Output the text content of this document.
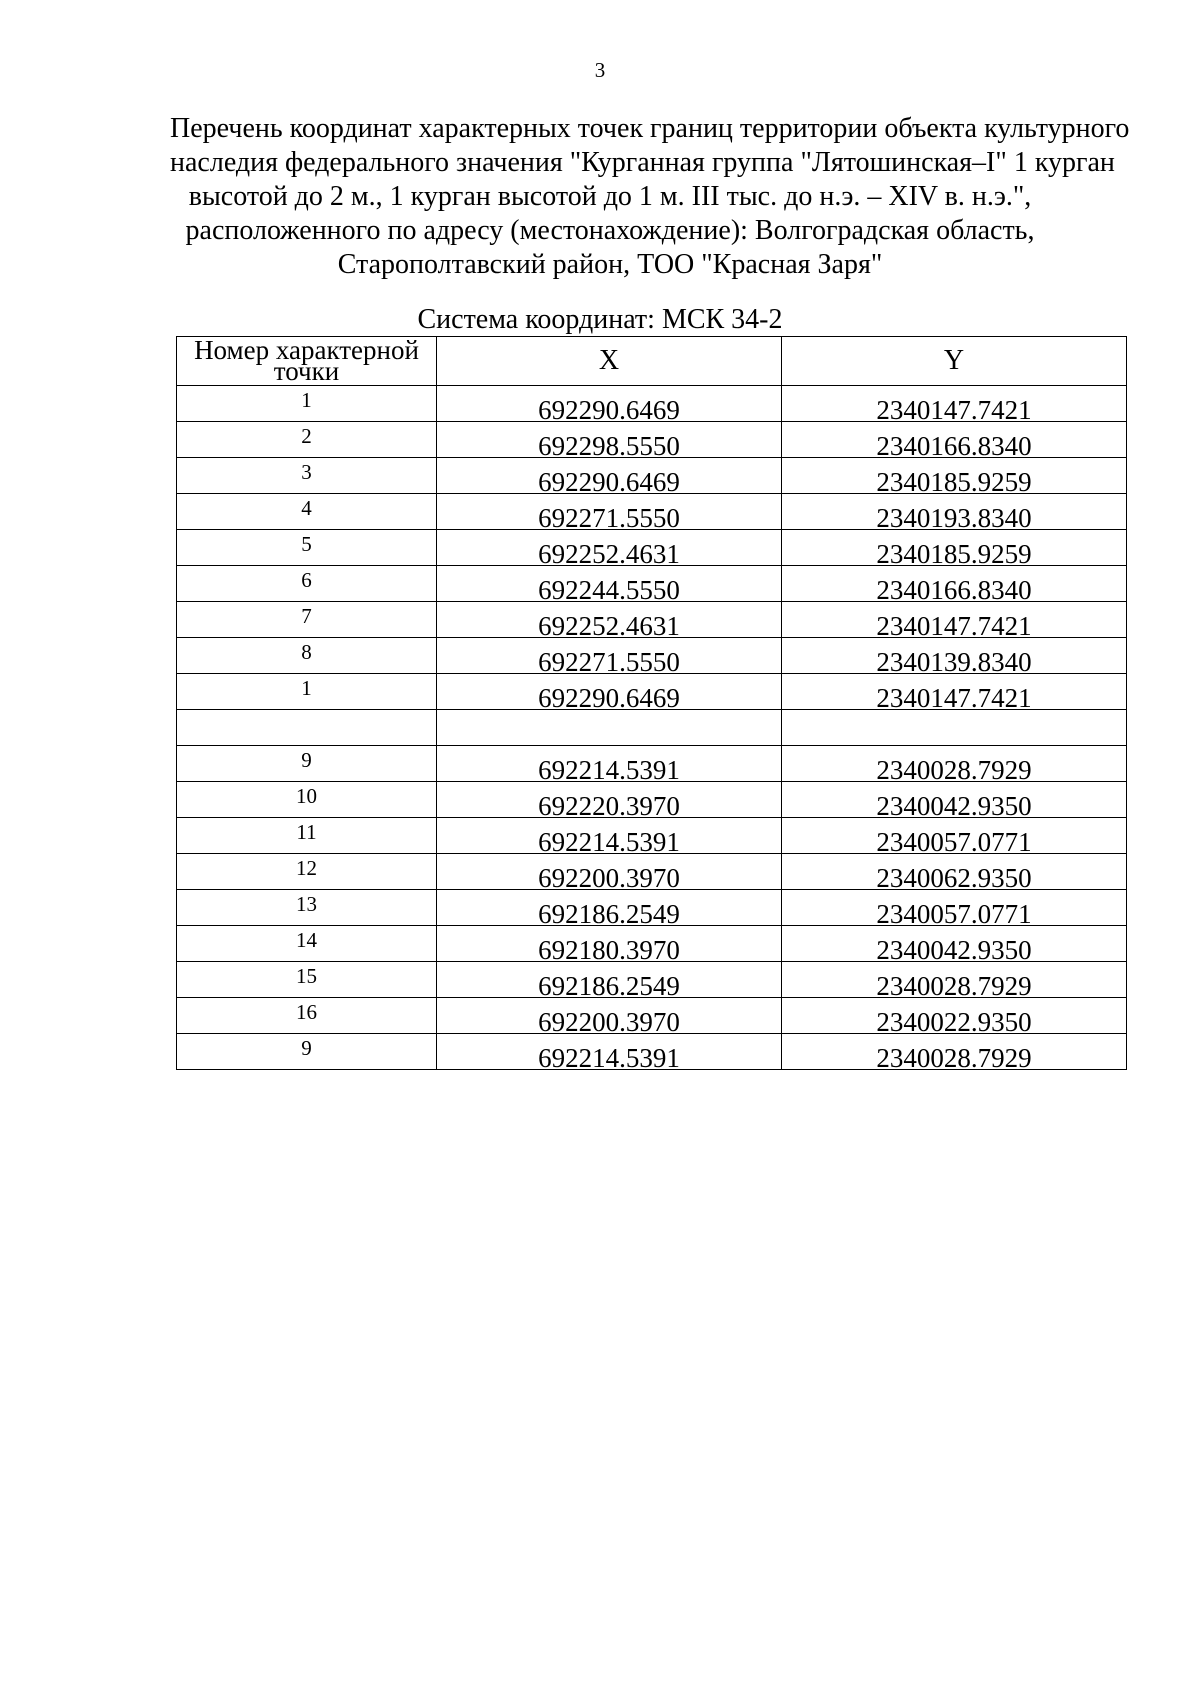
3
Перечень координат характерных точек границ территории объекта культурного
наследия федерального значения "Курганная группа "Лятошинская–I" 1 курган
высотой до 2 м., 1 курган высотой до 1 м. III тыс. до н.э. – XIV в. н.э.",
расположенного по адресу (местонахождение): Волгоградская область,
Старополтавский район, ТОО "Красная Заря"
Система координат: МСК 34-2
Номер характерной точки	X	Y
1	692290.6469	2340147.7421
2	692298.5550	2340166.8340
3	692290.6469	2340185.9259
4	692271.5550	2340193.8340
5	692252.4631	2340185.9259
6	692244.5550	2340166.8340
7	692252.4631	2340147.7421
8	692271.5550	2340139.8340
1	692290.6469	2340147.7421

9	692214.5391	2340028.7929
10	692220.3970	2340042.9350
11	692214.5391	2340057.0771
12	692200.3970	2340062.9350
13	692186.2549	2340057.0771
14	692180.3970	2340042.9350
15	692186.2549	2340028.7929
16	692200.3970	2340022.9350
9	692214.5391	2340028.7929
